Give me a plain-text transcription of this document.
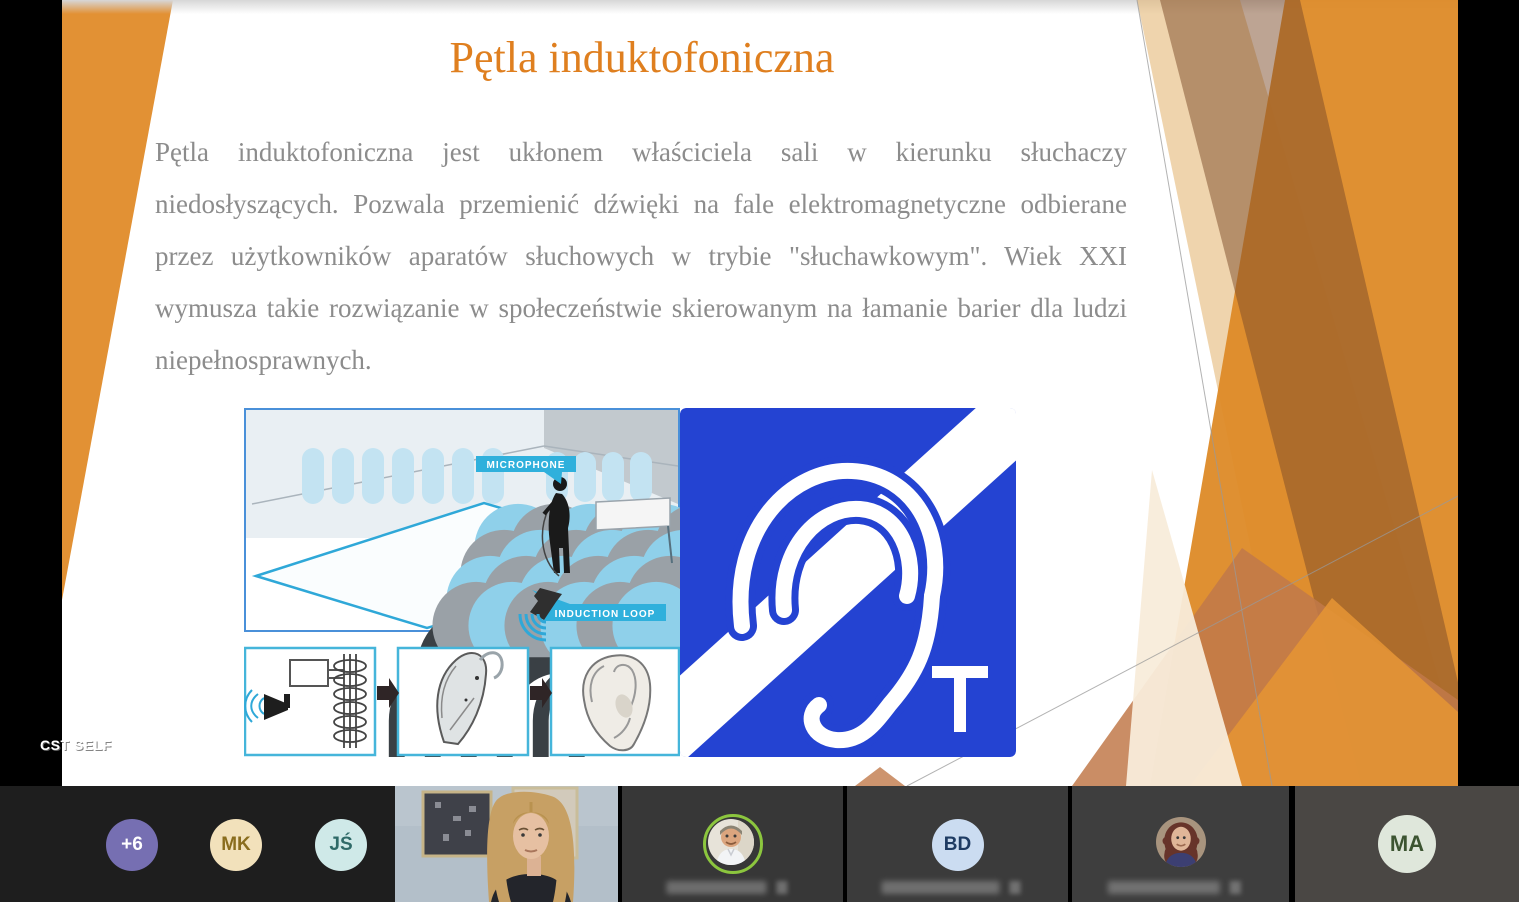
Pętla induktofoniczna
Pętla induktofoniczna jest ukłonem właściciela sali w kierunku słuchaczy niedosłyszących. Pozwala przemienić dźwięki na fale elektromagnetyczne odbierane przez użytkowników aparatów słuchowych w trybie "słuchawkowym". Wiek XXI wymusza takie rozwiązanie w społeczeństwie skierowanym na łamanie barier dla ludzi niepełnosprawnych.
MICROPHONE
INDUCTION LOOP
CST SELF
+6	MK	JŚ	BD	MA
